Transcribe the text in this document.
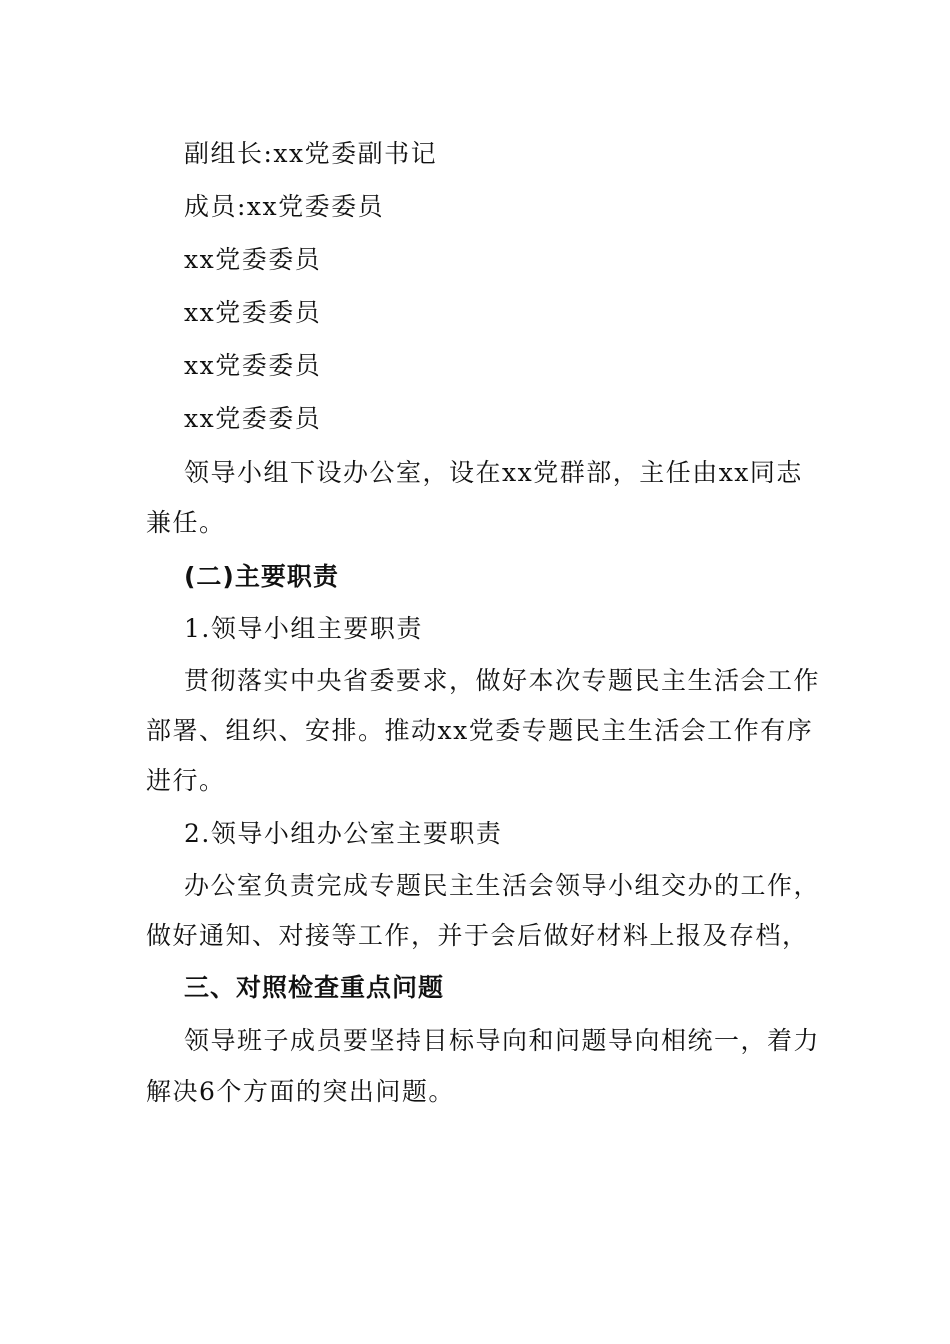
副组长:xx党委副书记
成员:xx党委委员
xx党委委员
xx党委委员
xx党委委员
xx党委委员
领导小组下设办公室，设在xx党群部，主任由xx同志
兼任。
(二)主要职责
1.领导小组主要职责
贯彻落实中央省委要求，做好本次专题民主生活会工作
部署、组织、安排。推动xx党委专题民主生活会工作有序
进行。
2.领导小组办公室主要职责
办公室负责完成专题民主生活会领导小组交办的工作，
做好通知、对接等工作，并于会后做好材料上报及存档，
三、对照检查重点问题
领导班子成员要坚持目标导向和问题导向相统一，着力
解决6个方面的突出问题。
